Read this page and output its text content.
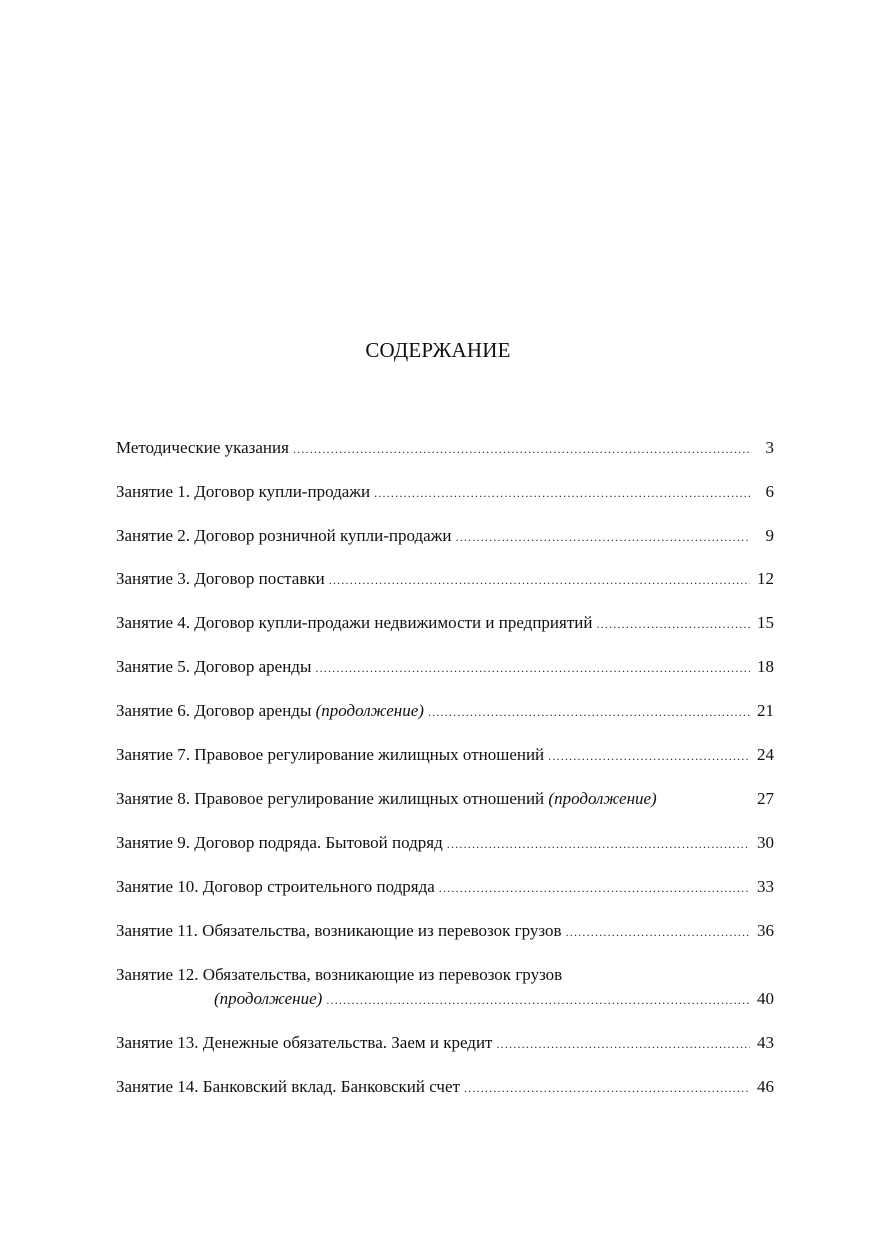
СОДЕРЖАНИЕ
Методические указания .....	3
Занятие 1. Договор купли-продажи .....	6
Занятие 2. Договор розничной купли-продажи .....	9
Занятие 3. Договор поставки .....	12
Занятие 4. Договор купли-продажи недвижимости и предприятий .....	15
Занятие 5. Договор аренды .....	18
Занятие 6. Договор аренды (продолжение) .....	21
Занятие 7. Правовое регулирование жилищных отношений .....	24
Занятие 8. Правовое регулирование жилищных отношений (продолжение)	27
Занятие 9. Договор подряда. Бытовой подряд .....	30
Занятие 10. Договор строительного подряда .....	33
Занятие 11. Обязательства, возникающие из перевозок грузов .....	36
Занятие 12. Обязательства, возникающие из перевозок грузов
(продолжение) .....	40
Занятие 13. Денежные обязательства. Заем и кредит .....	43
Занятие 14. Банковский вклад. Банковский счет .....	46
